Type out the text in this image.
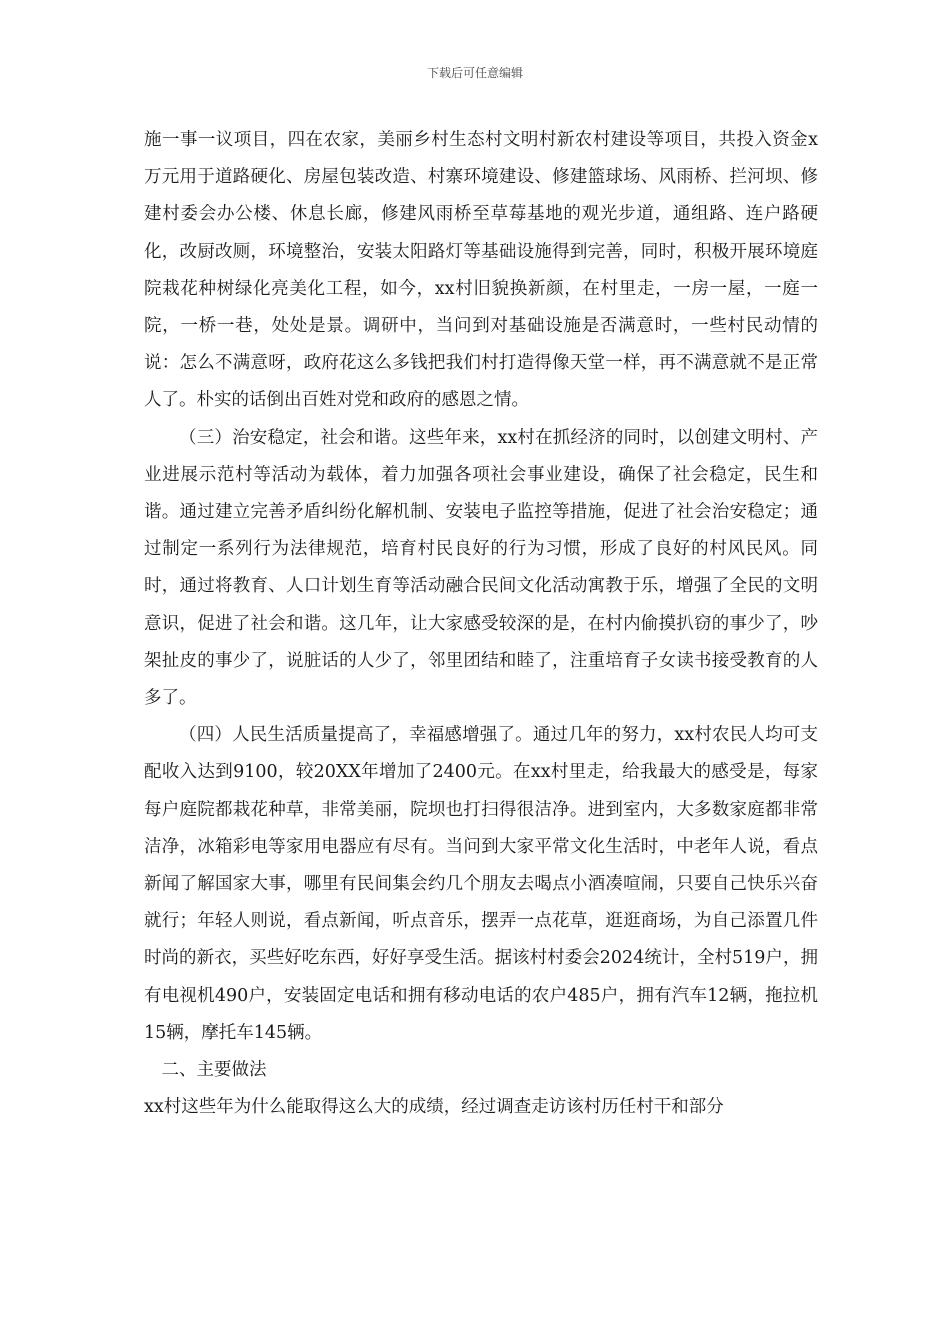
下载后可任意编辑

施一事一议项目，四在农家，美丽乡村生态村文明村新农村建设等项目，共投入资金x万元用于道路硬化、房屋包装改造、村寨环境建设、修建篮球场、风雨桥、拦河坝、修建村委会办公楼、休息长廊，修建风雨桥至草莓基地的观光步道，通组路、连户路硬化，改厨改厕，环境整治，安装太阳路灯等基础设施得到完善，同时，积极开展环境庭院栽花种树绿化亮美化工程，如今，xx村旧貌换新颜，在村里走，一房一屋，一庭一院，一桥一巷，处处是景。调研中，当问到对基础设施是否满意时，一些村民动情的说：怎么不满意呀，政府花这么多钱把我们村打造得像天堂一样，再不满意就不是正常人了。朴实的话倒出百姓对党和政府的感恩之情。

（三）治安稳定，社会和谐。这些年来，xx村在抓经济的同时，以创建文明村、产业进展示范村等活动为载体，着力加强各项社会事业建设，确保了社会稳定，民生和谐。通过建立完善矛盾纠纷化解机制、安装电子监控等措施，促进了社会治安稳定；通过制定一系列行为法律规范，培育村民良好的行为习惯，形成了良好的村风民风。同时，通过将教育、人口计划生育等活动融合民间文化活动寓教于乐，增强了全民的文明意识，促进了社会和谐。这几年，让大家感受较深的是，在村内偷摸扒窃的事少了，吵架扯皮的事少了，说脏话的人少了，邻里团结和睦了，注重培育子女读书接受教育的人多了。

（四）人民生活质量提高了，幸福感增强了。通过几年的努力，xx村农民人均可支配收入达到9100，较20XX年增加了2400元。在xx村里走，给我最大的感受是，每家每户庭院都栽花种草，非常美丽，院坝也打扫得很洁净。进到室内，大多数家庭都非常洁净，冰箱彩电等家用电器应有尽有。当问到大家平常文化生活时，中老年人说，看点新闻了解国家大事，哪里有民间集会约几个朋友去喝点小酒凑喧闹，只要自己快乐兴奋就行；年轻人则说，看点新闻，听点音乐，摆弄一点花草，逛逛商场，为自己添置几件时尚的新衣，买些好吃东西，好好享受生活。据该村村委会2024统计，全村519户，拥有电视机490户，安装固定电话和拥有移动电话的农户485户，拥有汽车12辆，拖拉机15辆，摩托车145辆。

二、主要做法

xx村这些年为什么能取得这么大的成绩，经过调查走访该村历任村干和部分
